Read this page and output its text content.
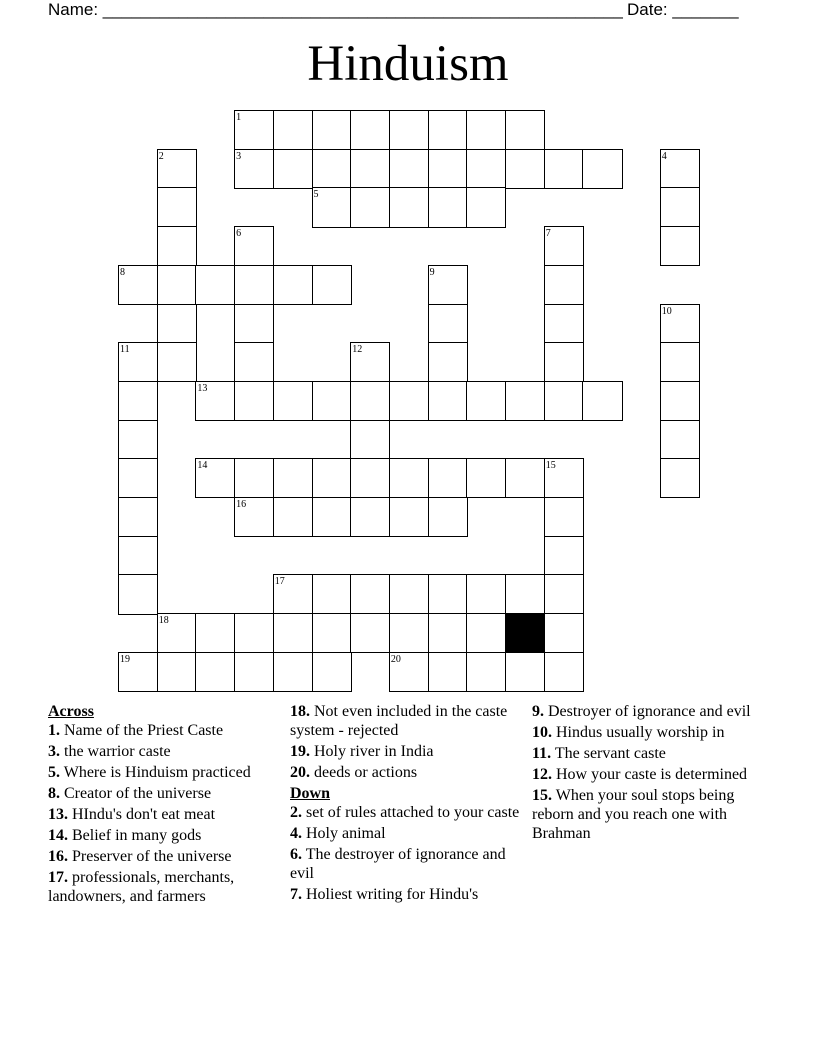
Name: _______________________________________________________ Date: _______
Hinduism
1
2	3	4
5
6	7
8	9
10
11	12
13
14	15
16
17
18
19	20
Across
1. Name of the Priest Caste
3. the warrior caste
5. Where is Hinduism practiced
8. Creator of the universe
13. HIndu's don't eat meat
14. Belief in many gods
16. Preserver of the universe
17. professionals, merchants, landowners, and farmers
18. Not even included in the caste system - rejected
19. Holy river in India
20. deeds or actions
Down
2. set of rules attached to your caste
4. Holy animal
6. The destroyer of ignorance and evil
7. Holiest writing for Hindu's
9. Destroyer of ignorance and evil
10. Hindus usually worship in
11. The servant caste
12. How your caste is determined
15. When your soul stops being reborn and you reach one with Brahman
